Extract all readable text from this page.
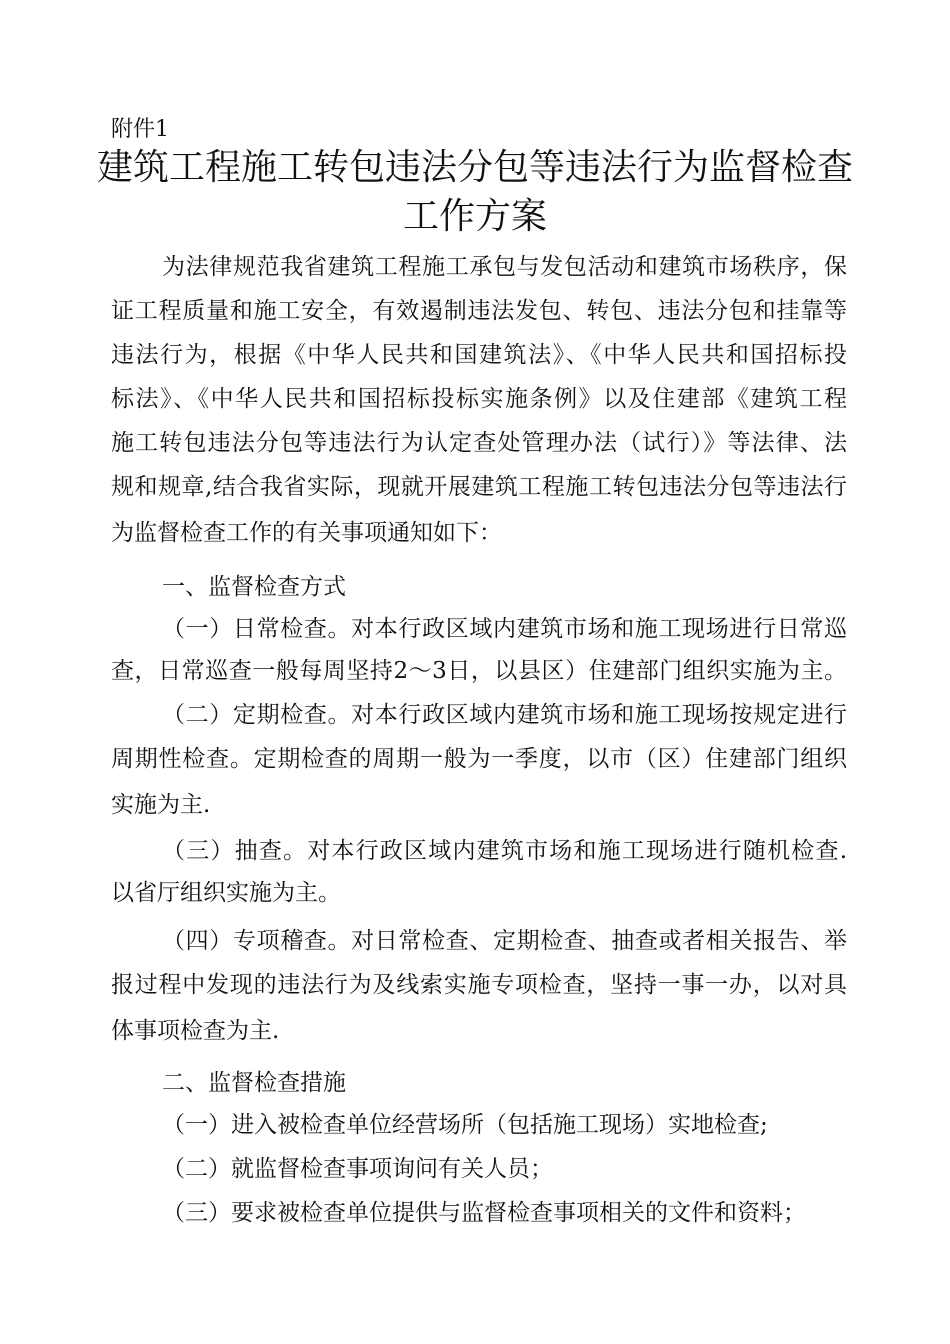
附件1
建筑工程施工转包违法分包等违法行为监督检查
工作方案
为法律规范我省建筑工程施工承包与发包活动和建筑市场秩序，保
证工程质量和施工安全，有效遏制违法发包、转包、违法分包和挂靠等
违法行为，根据《中华人民共和国建筑法》、《中华人民共和国招标投
标法》、《中华人民共和国招标投标实施条例》以及住建部《建筑工程
施工转包违法分包等违法行为认定查处管理办法（试行）》等法律、法
规和规章,结合我省实际，现就开展建筑工程施工转包违法分包等违法行
为监督检查工作的有关事项通知如下：
一、监督检查方式
（一）日常检查。对本行政区域内建筑市场和施工现场进行日常巡
查，日常巡查一般每周坚持2〜3日，以县区）住建部门组织实施为主。
（二）定期检查。对本行政区域内建筑市场和施工现场按规定进行
周期性检查。定期检查的周期一般为一季度，以市（区）住建部门组织
实施为主.
（三）抽查。对本行政区域内建筑市场和施工现场进行随机检查.
以省厅组织实施为主。
（四）专项稽查。对日常检查、定期检查、抽查或者相关报告、举
报过程中发现的违法行为及线索实施专项检查，坚持一事一办，以对具
体事项检查为主.
二、监督检查措施
（一）进入被检查单位经营场所（包括施工现场）实地检查;
（二）就监督检查事项询问有关人员；
（三）要求被检查单位提供与监督检查事项相关的文件和资料；
